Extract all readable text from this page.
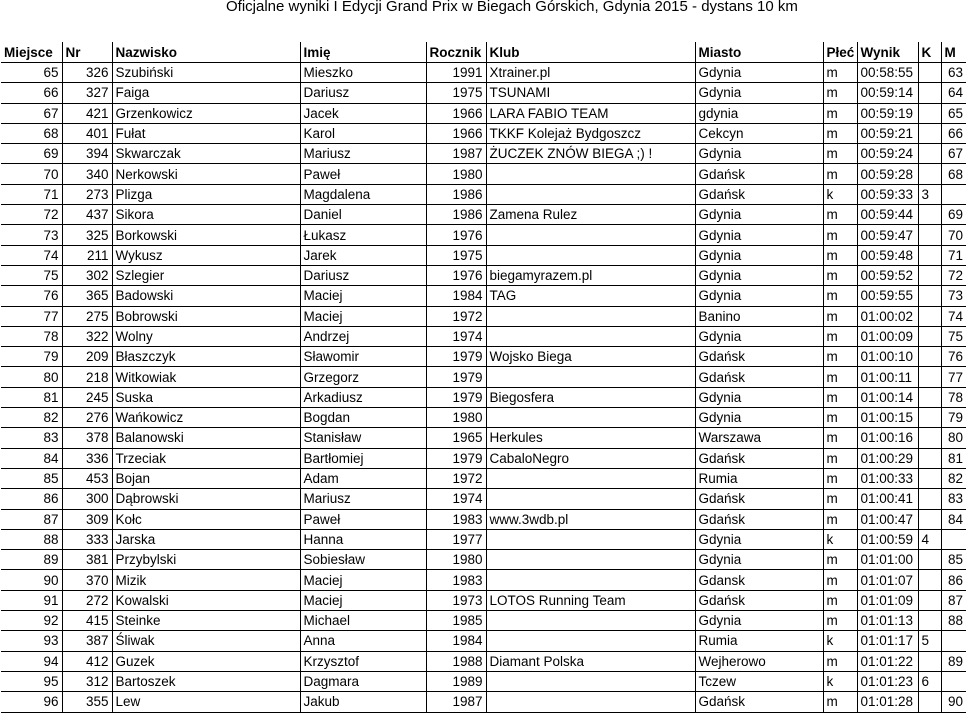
Oficjalne wyniki I Edycji Grand Prix w Biegach Górskich, Gdynia 2015 - dystans 10 km
Miejsce	Nr	Nazwisko	Imię	Rocznik	Klub	Miasto	Płeć	Wynik	K	M
65	326	Szubiński	Mieszko	1991	Xtrainer.pl	Gdynia	m	00:58:55		63
66	327	Faiga	Dariusz	1975	TSUNAMI	Gdynia	m	00:59:14		64
67	421	Grzenkowicz	Jacek	1966	LARA FABIO TEAM	gdynia	m	00:59:19		65
68	401	Fułat	Karol	1966	TKKF Kolejaż Bydgoszcz	Cekcyn	m	00:59:21		66
69	394	Skwarczak	Mariusz	1987	ŻUCZEK ZNÓW BIEGA ;) !	Gdynia	m	00:59:24		67
70	340	Nerkowski	Paweł	1980		Gdańsk	m	00:59:28		68
71	273	Plizga	Magdalena	1986		Gdańsk	k	00:59:33	3	
72	437	Sikora	Daniel	1986	Zamena Rulez	Gdynia	m	00:59:44		69
73	325	Borkowski	Łukasz	1976		Gdynia	m	00:59:47		70
74	211	Wykusz	Jarek	1975		Gdynia	m	00:59:48		71
75	302	Szlegier	Dariusz	1976	biegamyrazem.pl	Gdynia	m	00:59:52		72
76	365	Badowski	Maciej	1984	TAG	Gdynia	m	00:59:55		73
77	275	Bobrowski	Maciej	1972		Banino	m	01:00:02		74
78	322	Wolny	Andrzej	1974		Gdynia	m	01:00:09		75
79	209	Błaszczyk	Sławomir	1979	Wojsko Biega	Gdańsk	m	01:00:10		76
80	218	Witkowiak	Grzegorz	1979		Gdańsk	m	01:00:11		77
81	245	Suska	Arkadiusz	1979	Biegosfera	Gdynia	m	01:00:14		78
82	276	Wańkowicz	Bogdan	1980		Gdynia	m	01:00:15		79
83	378	Balanowski	Stanisław	1965	Herkules	Warszawa	m	01:00:16		80
84	336	Trzeciak	Bartłomiej	1979	CabaloNegro	Gdańsk	m	01:00:29		81
85	453	Bojan	Adam	1972		Rumia	m	01:00:33		82
86	300	Dąbrowski	Mariusz	1974		Gdańsk	m	01:00:41		83
87	309	Kołc	Paweł	1983	www.3wdb.pl	Gdańsk	m	01:00:47		84
88	333	Jarska	Hanna	1977		Gdynia	k	01:00:59	4	
89	381	Przybylski	Sobiesław	1980		Gdynia	m	01:01:00		85
90	370	Mizik	Maciej	1983		Gdansk	m	01:01:07		86
91	272	Kowalski	Maciej	1973	LOTOS Running Team	Gdańsk	m	01:01:09		87
92	415	Steinke	Michael	1985		Gdynia	m	01:01:13		88
93	387	Śliwak	Anna	1984		Rumia	k	01:01:17	5	
94	412	Guzek	Krzysztof	1988	Diamant Polska	Wejherowo	m	01:01:22		89
95	312	Bartoszek	Dagmara	1989		Tczew	k	01:01:23	6	
96	355	Lew	Jakub	1987		Gdańsk	m	01:01:28		90
